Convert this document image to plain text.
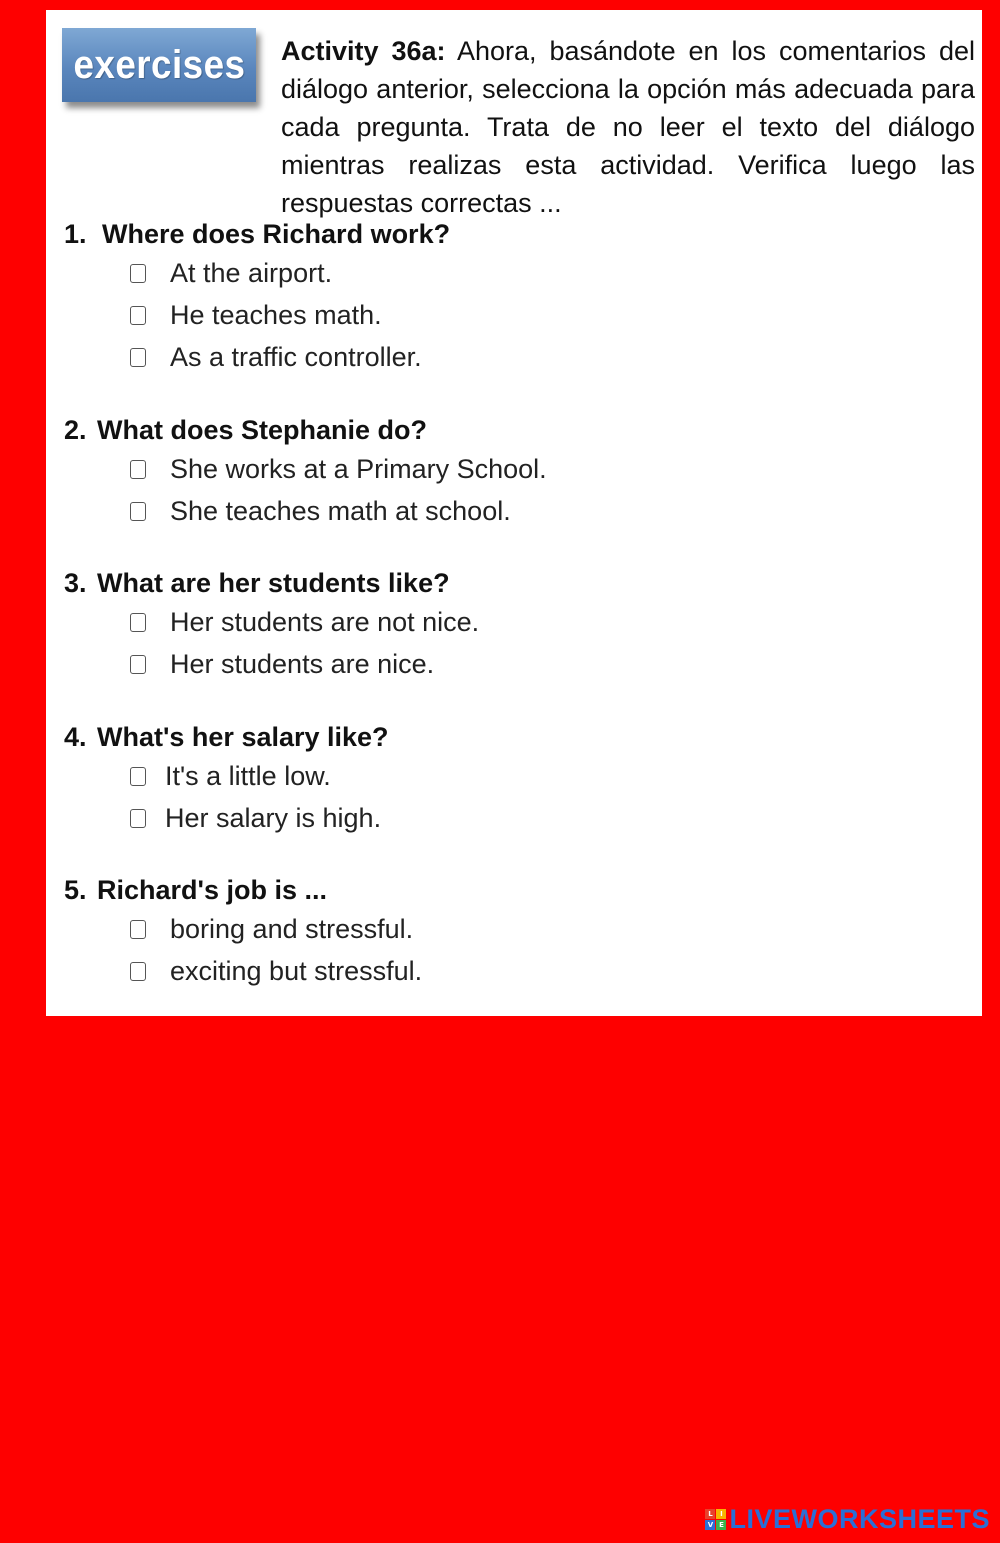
exercises Activity 36a: Ahora, basándote en los comentarios del diálogo anterior, selecciona la opción más adecuada para cada pregunta. Trata de no leer el texto del diálogo mientras realizas esta actividad. Verifica luego las respuestas correctas ...
1. Where does Richard work?
At the airport.
He teaches math.
As a traffic controller.
2. What does Stephanie do?
She works at a Primary School.
She teaches math at school.
3. What are her students like?
Her students are not nice.
Her students are nice.
4. What's her salary like?
It's a little low.
Her salary is high.
5. Richard's job is ...
boring and stressful.
exciting but stressful.
L	I
V E LIVEWORKSHEETS
